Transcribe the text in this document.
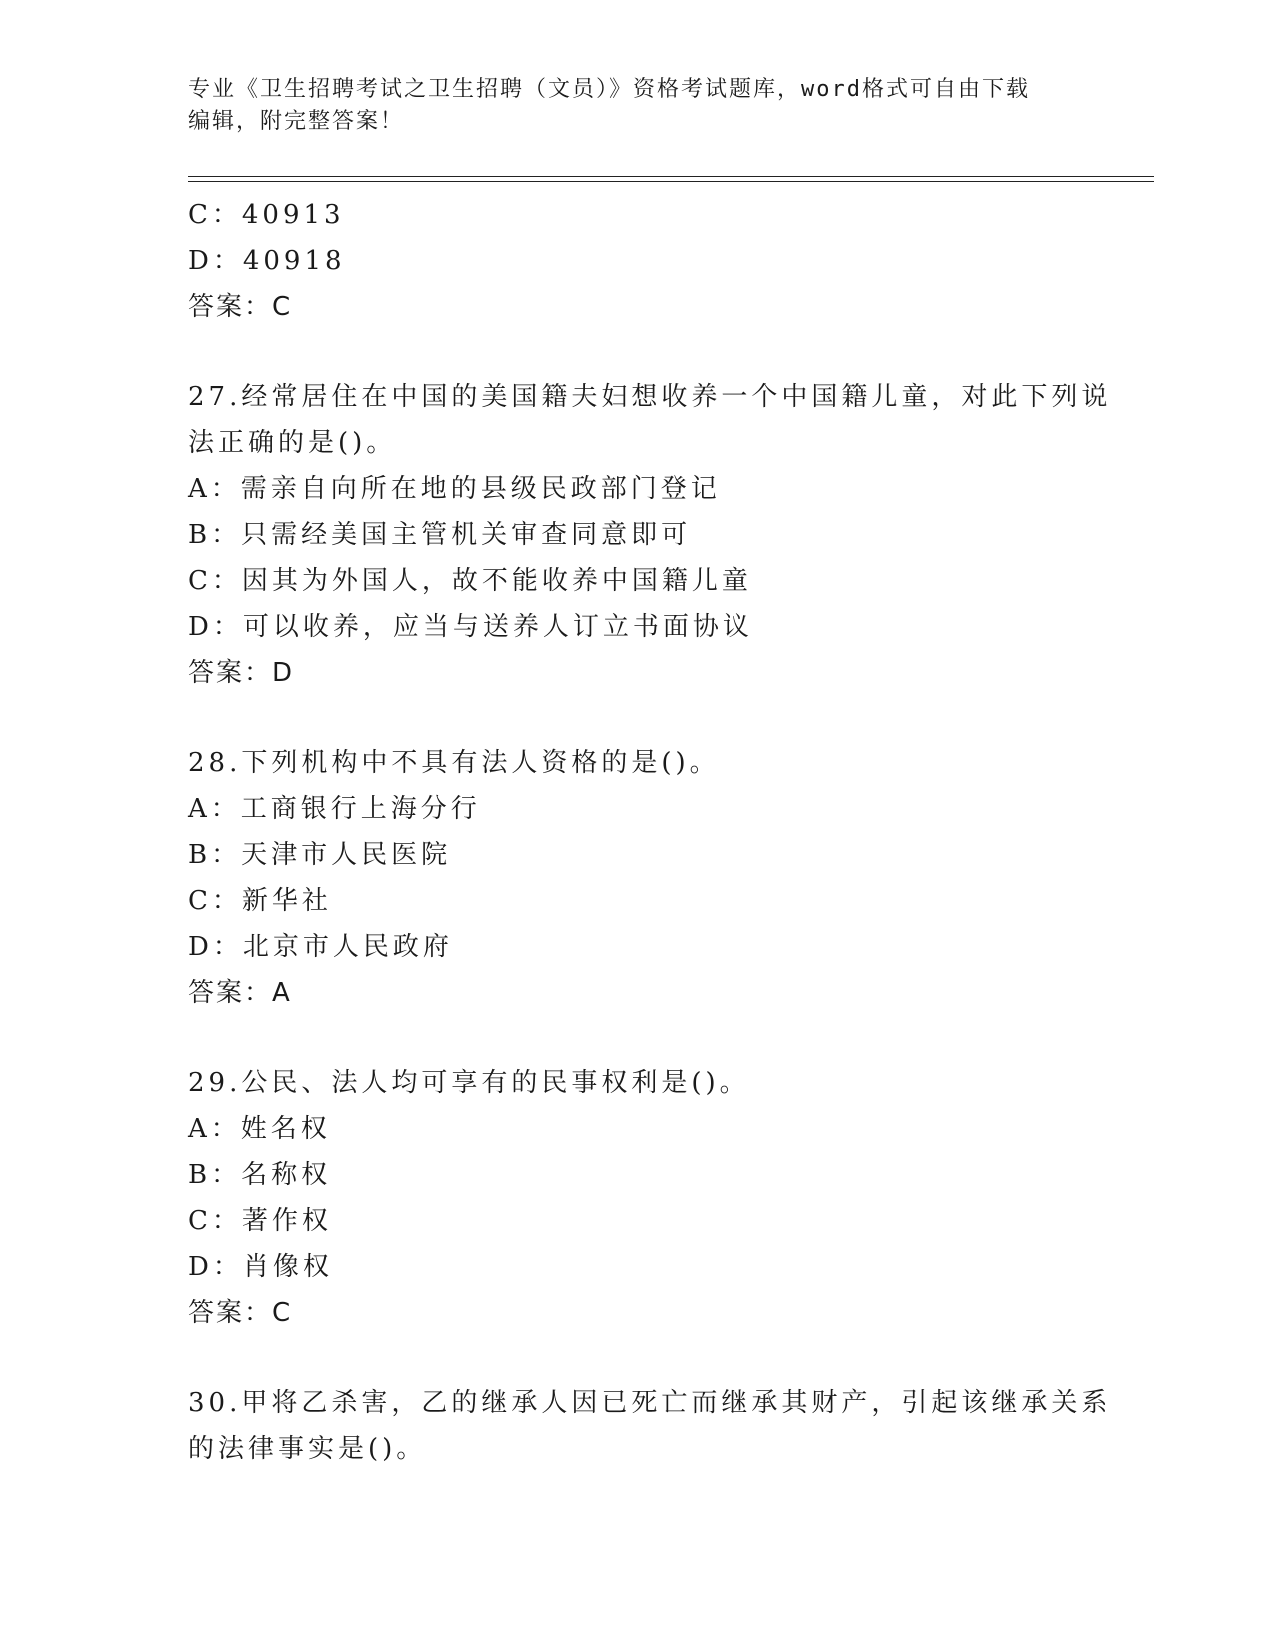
专业《卫生招聘考试之卫生招聘（文员）》资格考试题库，word格式可自由下载
编辑，附完整答案！
C：40913
D：40918
答案：C
27.经常居住在中国的美国籍夫妇想收养一个中国籍儿童，对此下列说
法正确的是()。
A：需亲自向所在地的县级民政部门登记
B：只需经美国主管机关审查同意即可
C：因其为外国人，故不能收养中国籍儿童
D：可以收养，应当与送养人订立书面协议
答案：D
28.下列机构中不具有法人资格的是()。
A：工商银行上海分行
B：天津市人民医院
C：新华社
D：北京市人民政府
答案：A
29.公民、法人均可享有的民事权利是()。
A：姓名权
B：名称权
C：著作权
D：肖像权
答案：C
30.甲将乙杀害，乙的继承人因已死亡而继承其财产，引起该继承关系
的法律事实是()。
